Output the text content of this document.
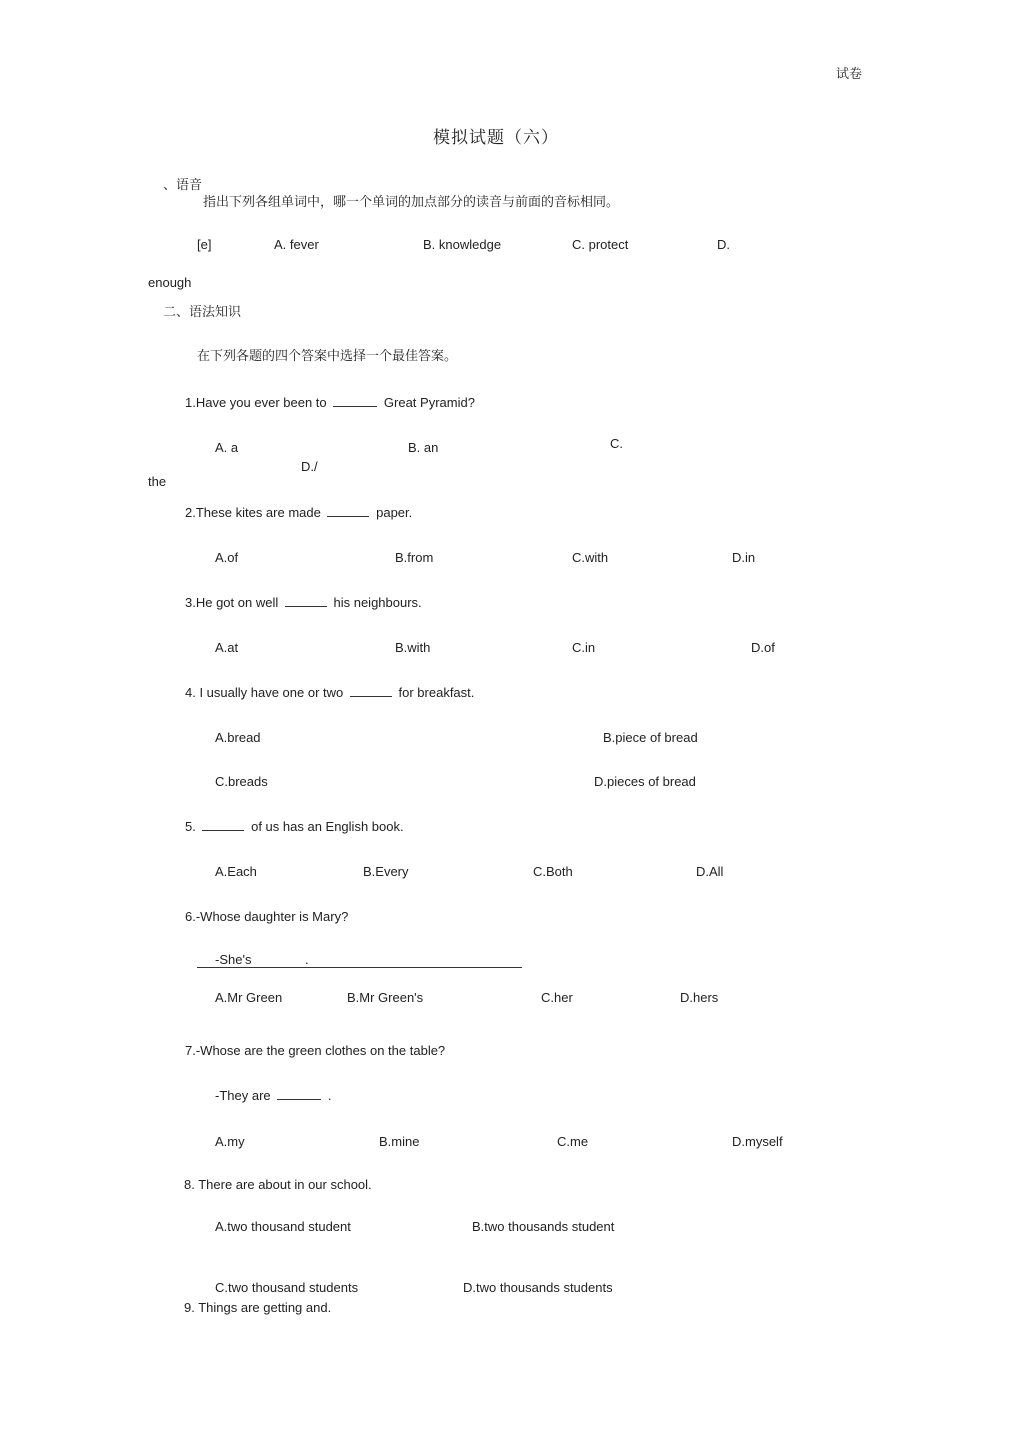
试卷
模拟试题（六）
、语音
指出下列各组单词中，哪一个单词的加点部分的读音与前面的音标相同。
[e]	A. fever	B. knowledge	C. protect	D.
enough
二、语法知识
在下列各题的四个答案中选择一个最佳答案。
1.Have you ever been to	Great Pyramid?
A. a	B. an	C.
D./
the
2.These kites are made	paper.
A.of	B.from	C.with	D.in
3.He got on well	his neighbours.
A.at	B.with	C.in	D.of
4. I usually have one or two	for breakfast.
A.bread	B.piece of bread
C.breads	D.pieces of bread
5.	of us has an English book.
A.Each	B.Every	C.Both	D.All
6.-Whose daughter is Mary?
-She's	.
A.Mr Green	B.Mr Green's	C.her	D.hers
7.-Whose are the green clothes on the table?
-They are	.
A.my	B.mine	C.me	D.myself
8. There are about in our school.
A.two thousand student	B.two thousands student
C.two thousand students	D.two thousands students
9. Things are getting and.
